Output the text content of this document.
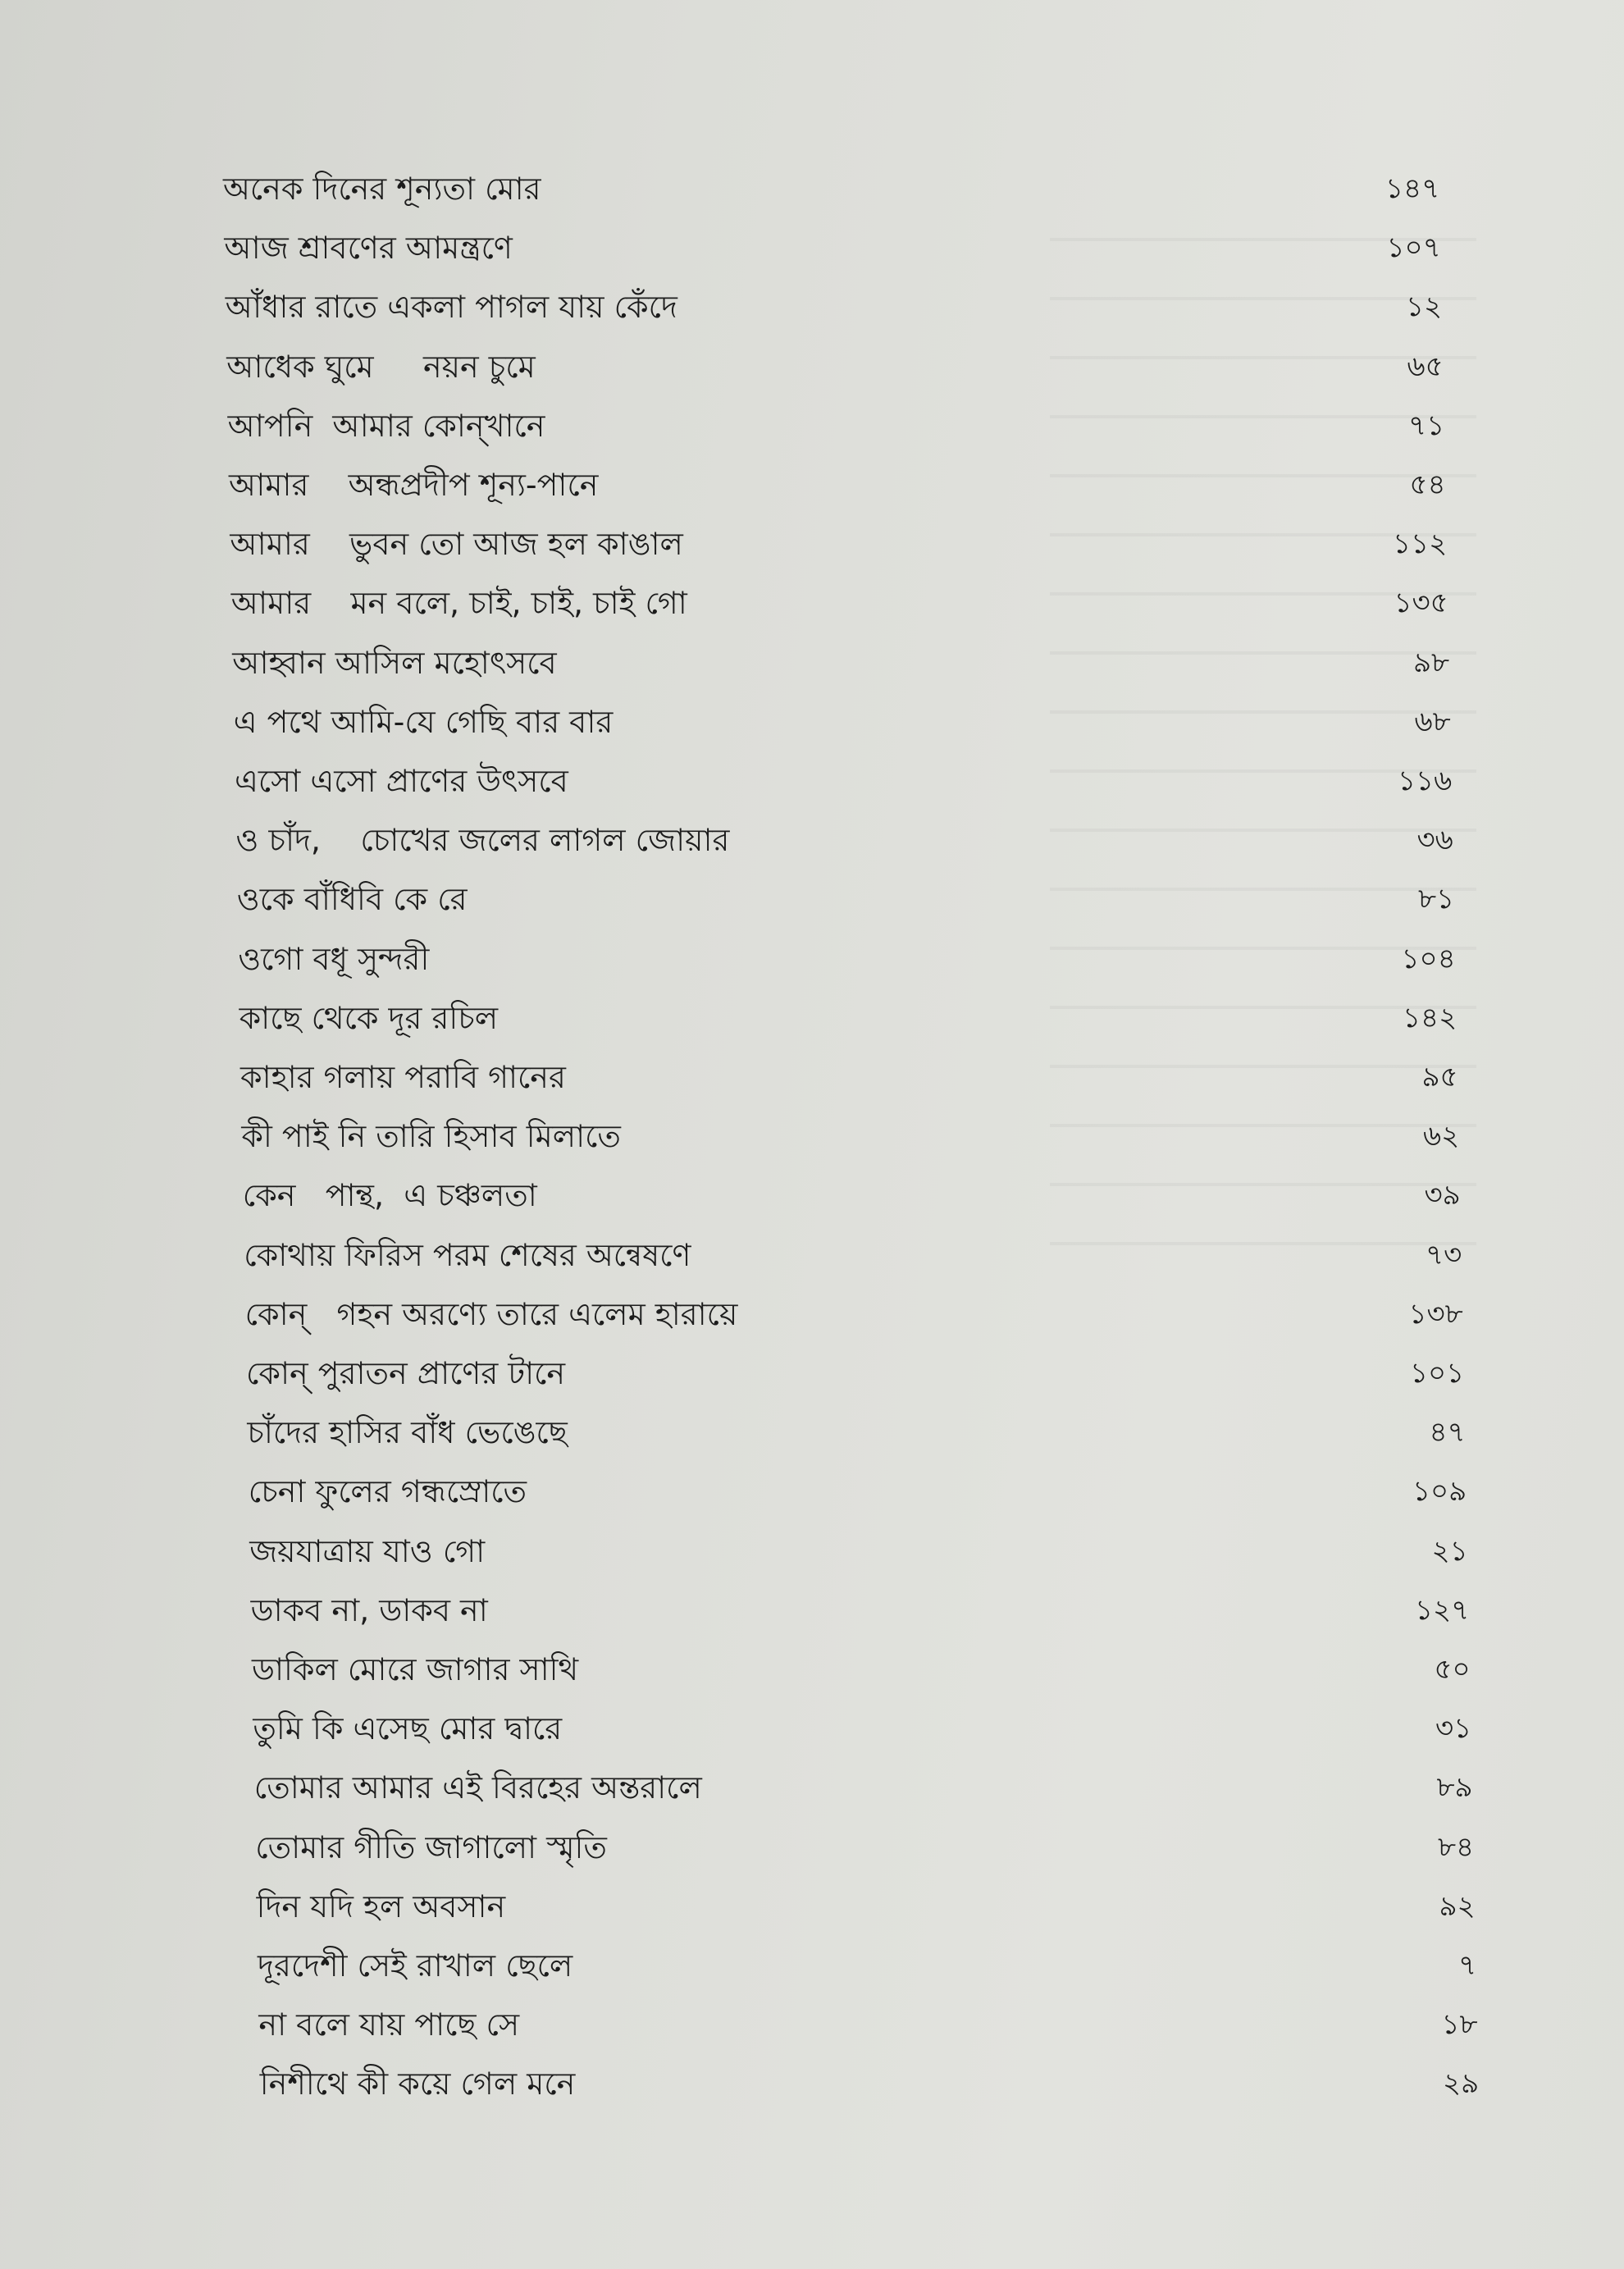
অনেক দিনের শূন্যতা মোর	১৪৭
আজ শ্রাবণের আমন্ত্রণে	১০৭
আঁধার রাতে একলা পাগল যায় কেঁদে	১২
আধেক ঘুমে     নয়ন চুমে	৬৫
আপনি  আমার কোন্‌খানে	৭১
আমার    অন্ধপ্রদীপ শূন্য-পানে	৫৪
আমার    ভুবন তো আজ হল কাঙাল	১১২
আমার    মন বলে, চাই, চাই, চাই গো	১৩৫
আহ্বান আসিল মহোৎসবে	৯৮
এ পথে আমি-যে গেছি বার বার	৬৮
এসো এসো প্রাণের উৎসবে	১১৬
ও চাঁদ,    চোখের জলের লাগল জোয়ার	৩৬
ওকে বাঁধিবি কে রে	৮১
ওগো বধূ সুন্দরী	১০৪
কাছে থেকে দূর রচিল	১৪২
কাহার গলায় পরাবি গানের	৯৫
কী পাই নি তারি হিসাব মিলাতে	৬২
কেন   পান্থ,  এ চঞ্চলতা	৩৯
কোথায় ফিরিস পরম শেষের অন্বেষণে	৭৩
কোন্   গহন অরণ্যে তারে এলেম হারায়ে	১৩৮
কোন্ পুরাতন প্রাণের টানে	১০১
চাঁদের হাসির বাঁধ ভেঙেছে	৪৭
চেনা ফুলের গন্ধস্রোতে	১০৯
জয়যাত্রায় যাও গো	২১
ডাকব না, ডাকব না	১২৭
ডাকিল মোরে জাগার সাথি	৫০
তুমি কি এসেছ মোর দ্বারে	৩১
তোমার আমার এই বিরহের অন্তরালে	৮৯
তোমার গীতি জাগালো স্মৃতি	৮৪
দিন যদি হল অবসান	৯২
দূরদেশী সেই রাখাল ছেলে	৭
না বলে যায় পাছে সে	১৮
নিশীথে কী কয়ে গেল মনে	২৯
